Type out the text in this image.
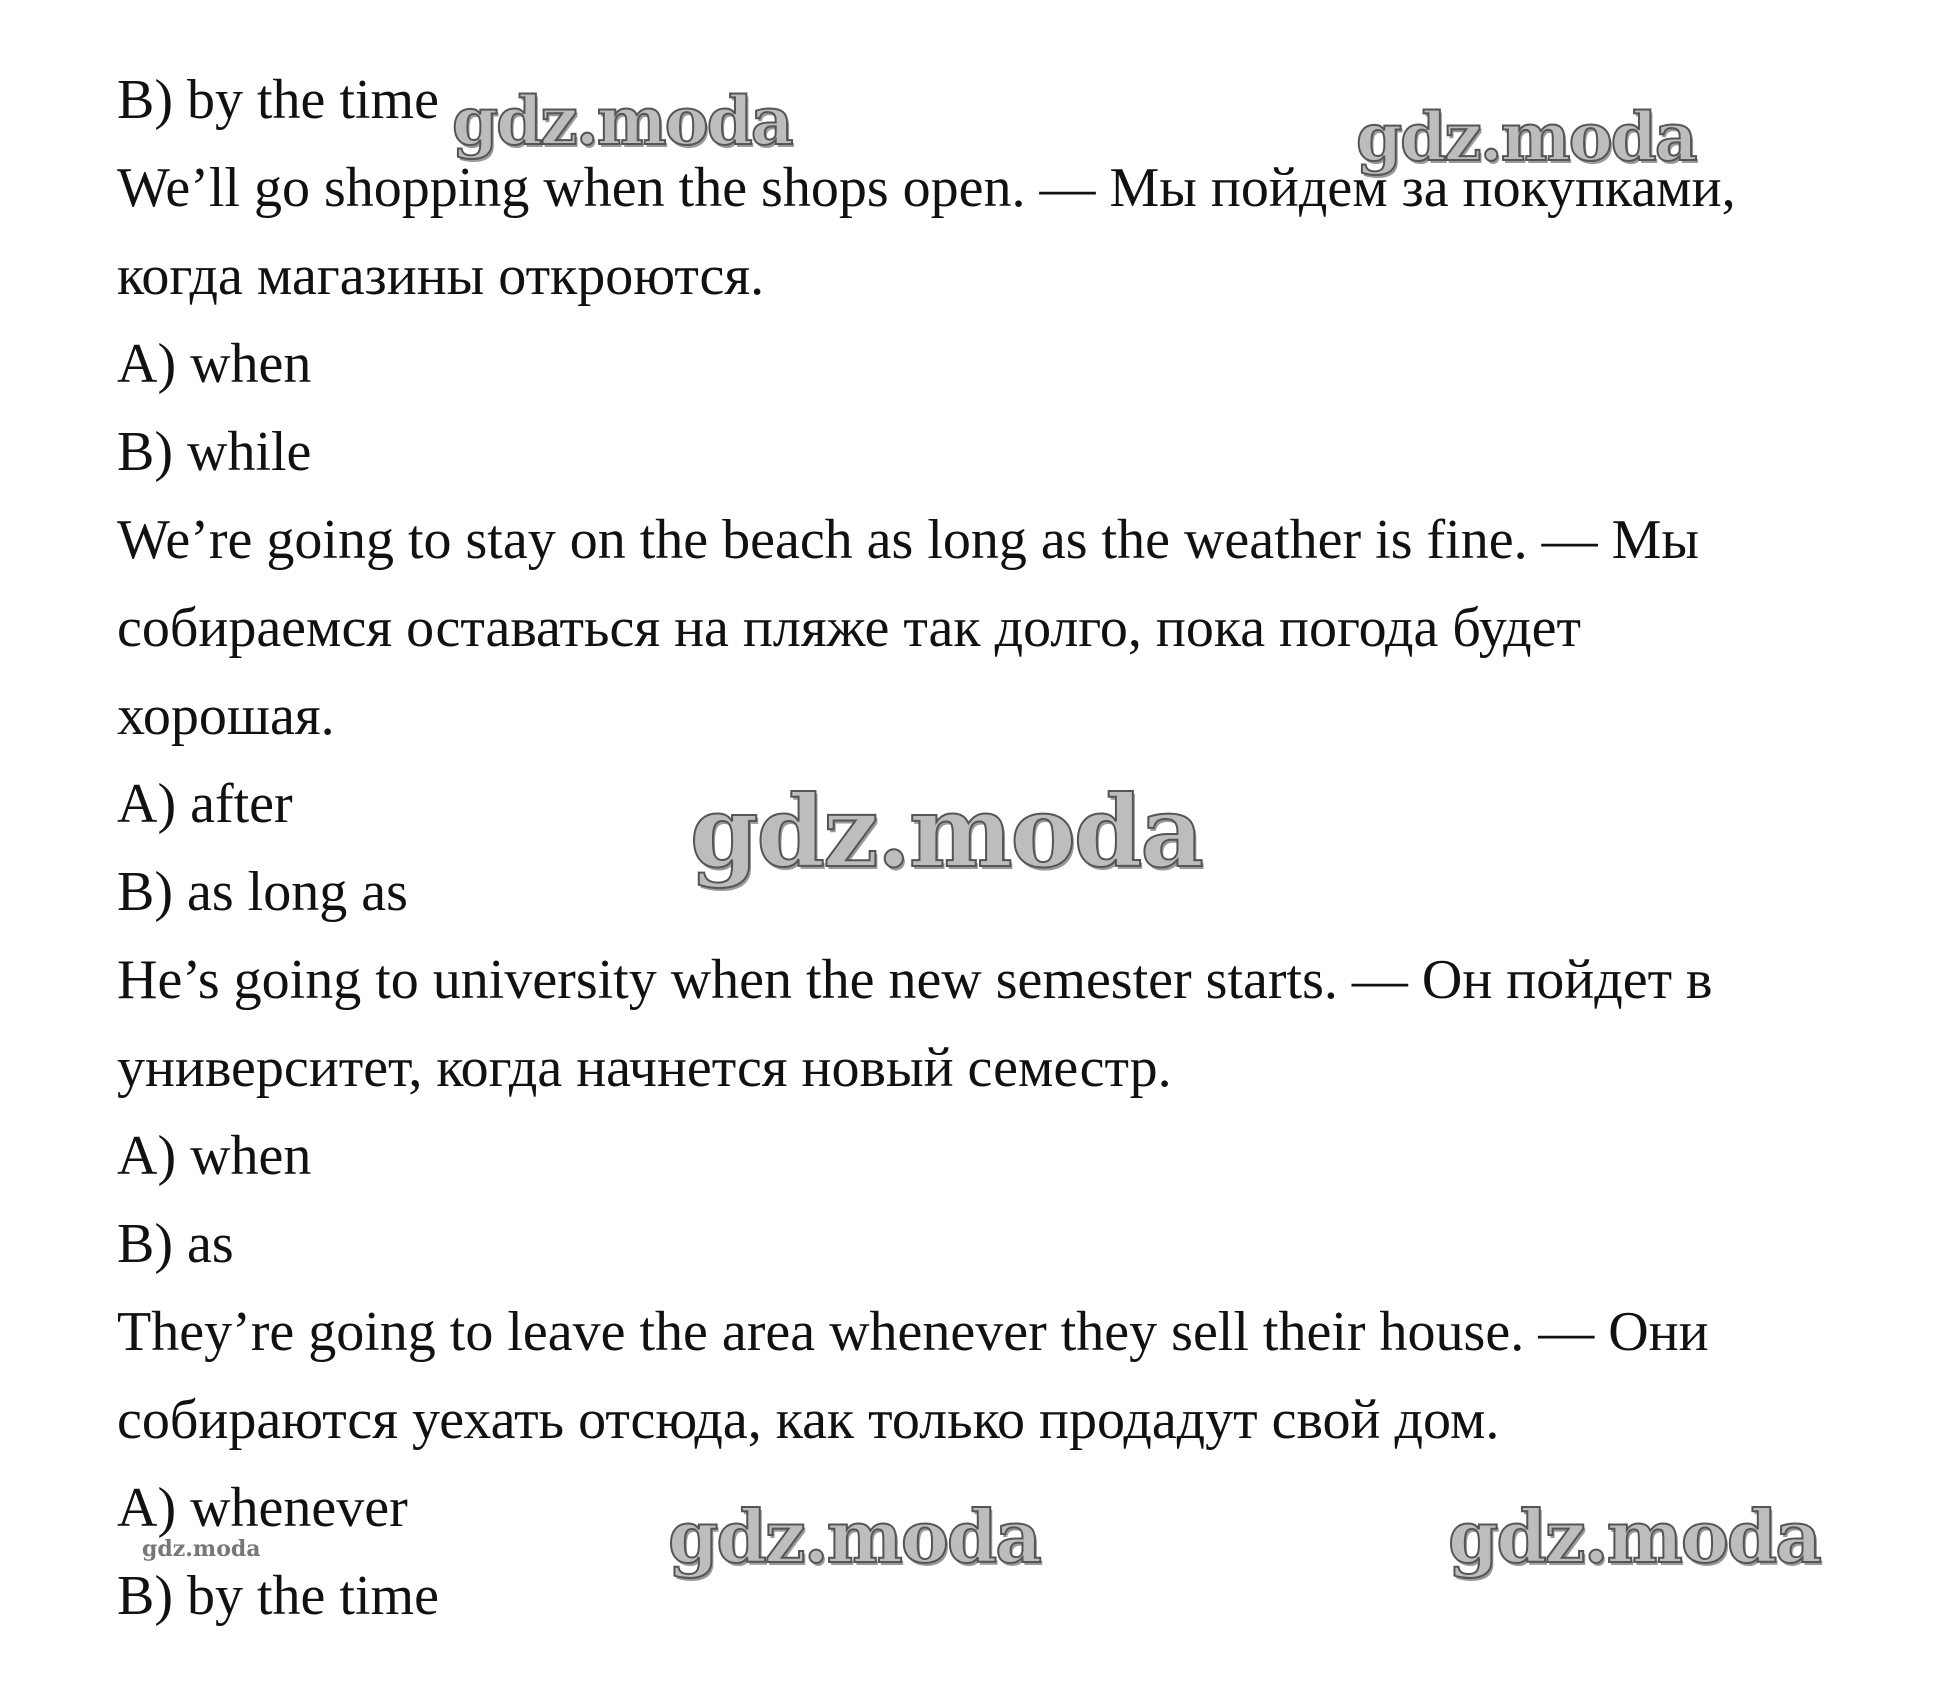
B) by the time
We’ll go shopping when the shops open. — Мы пойдем за покупками,
когда магазины откроются.
A) when
B) while
We’re going to stay on the beach as long as the weather is fine. — Мы
собираемся оставаться на пляже так долго, пока погода будет
хорошая.
A) after
B) as long as
He’s going to university when the new semester starts. — Он пойдет в
университет, когда начнется новый семестр.
A) when
B) as
They’re going to leave the area whenever they sell their house. — Они
собираются уехать отсюда, как только продадут свой дом.
A) whenever
B) by the time
gdz.moda	gdz.moda
gdz.moda
gdz.moda	gdz.moda
gdz.moda
